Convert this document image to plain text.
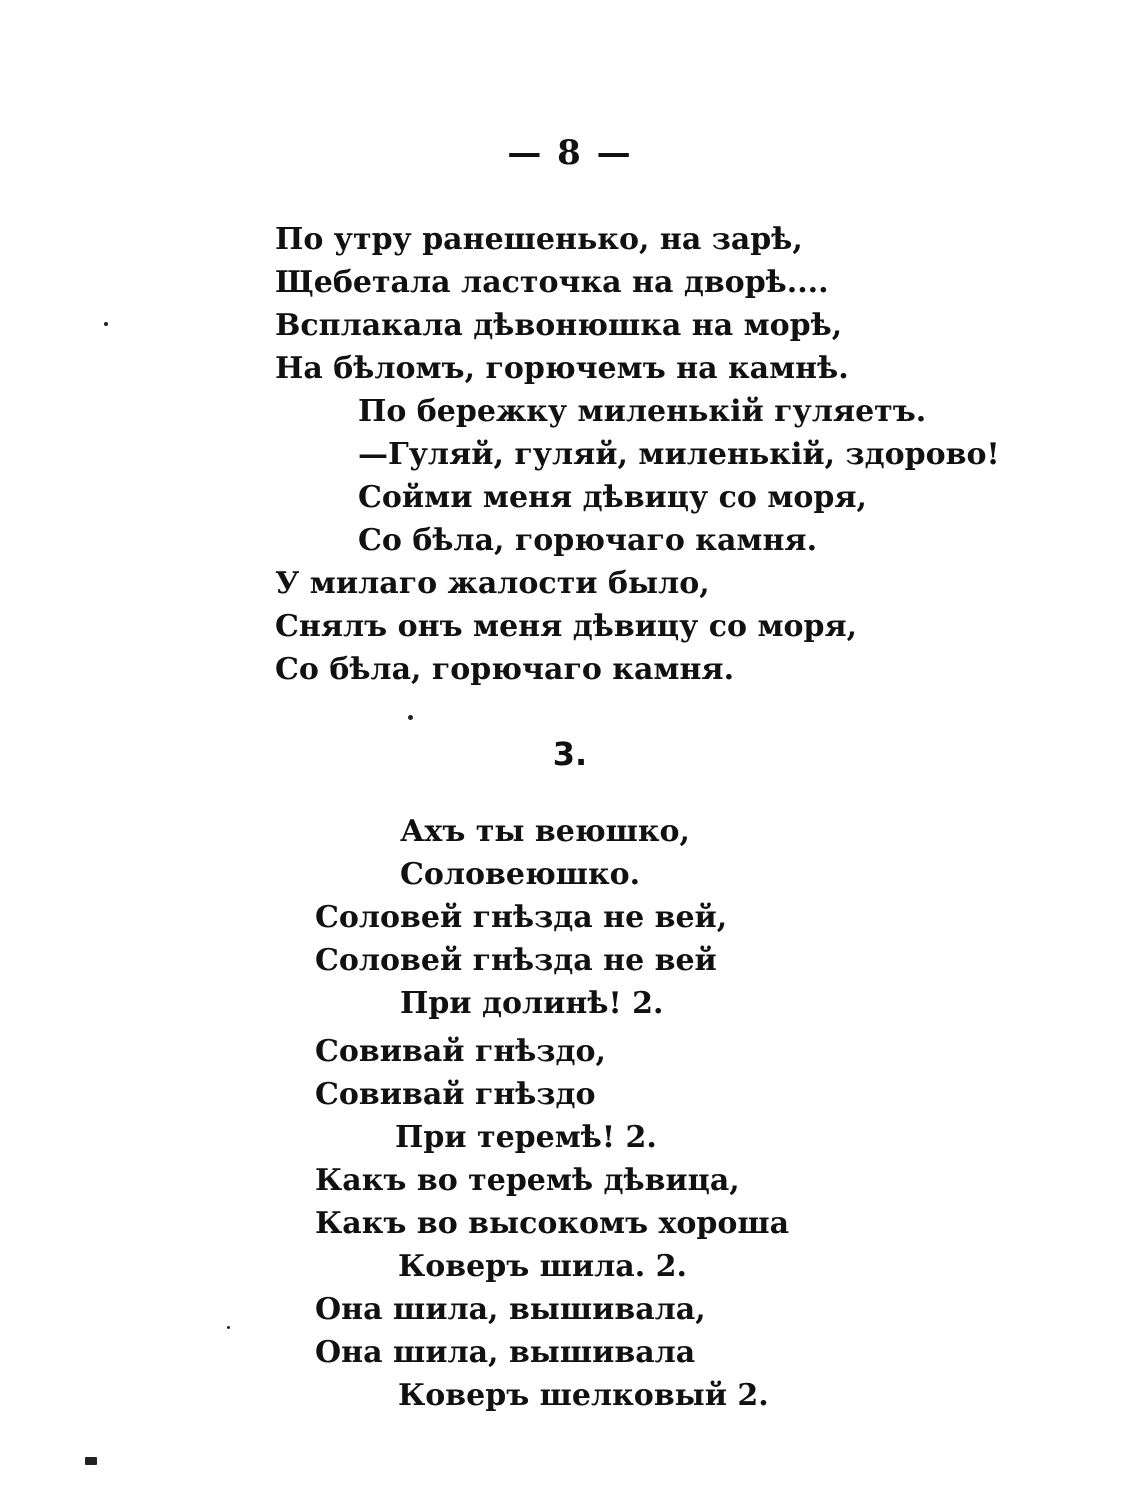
— 8 —
По утру ранешенько, на зарѣ,
Щебетала ласточка на дворѣ....
Всплакала дѣвонюшка на морѣ,
На бѣломъ, горючемъ на камнѣ.
По бережку миленькій гуляетъ.
—Гуляй, гуляй, миленькій, здорово!
Сойми меня дѣвицу со моря,
Со бѣла, горючаго камня.
У милаго жалости было,
Снялъ онъ меня дѣвицу со моря,
Со бѣла, горючаго камня.
3.
Ахъ ты веюшко,
Соловеюшко.
Соловей гнѣзда не вей,
Соловей гнѣзда не вей
При долинѣ! 2.
Совивай гнѣздо,
Совивай гнѣздо
При теремѣ! 2.
Какъ во теремѣ дѣвица,
Какъ во высокомъ хороша
Коверъ шила. 2.
Она шила, вышивала,
Она шила, вышивала
Коверъ шелковый 2.
